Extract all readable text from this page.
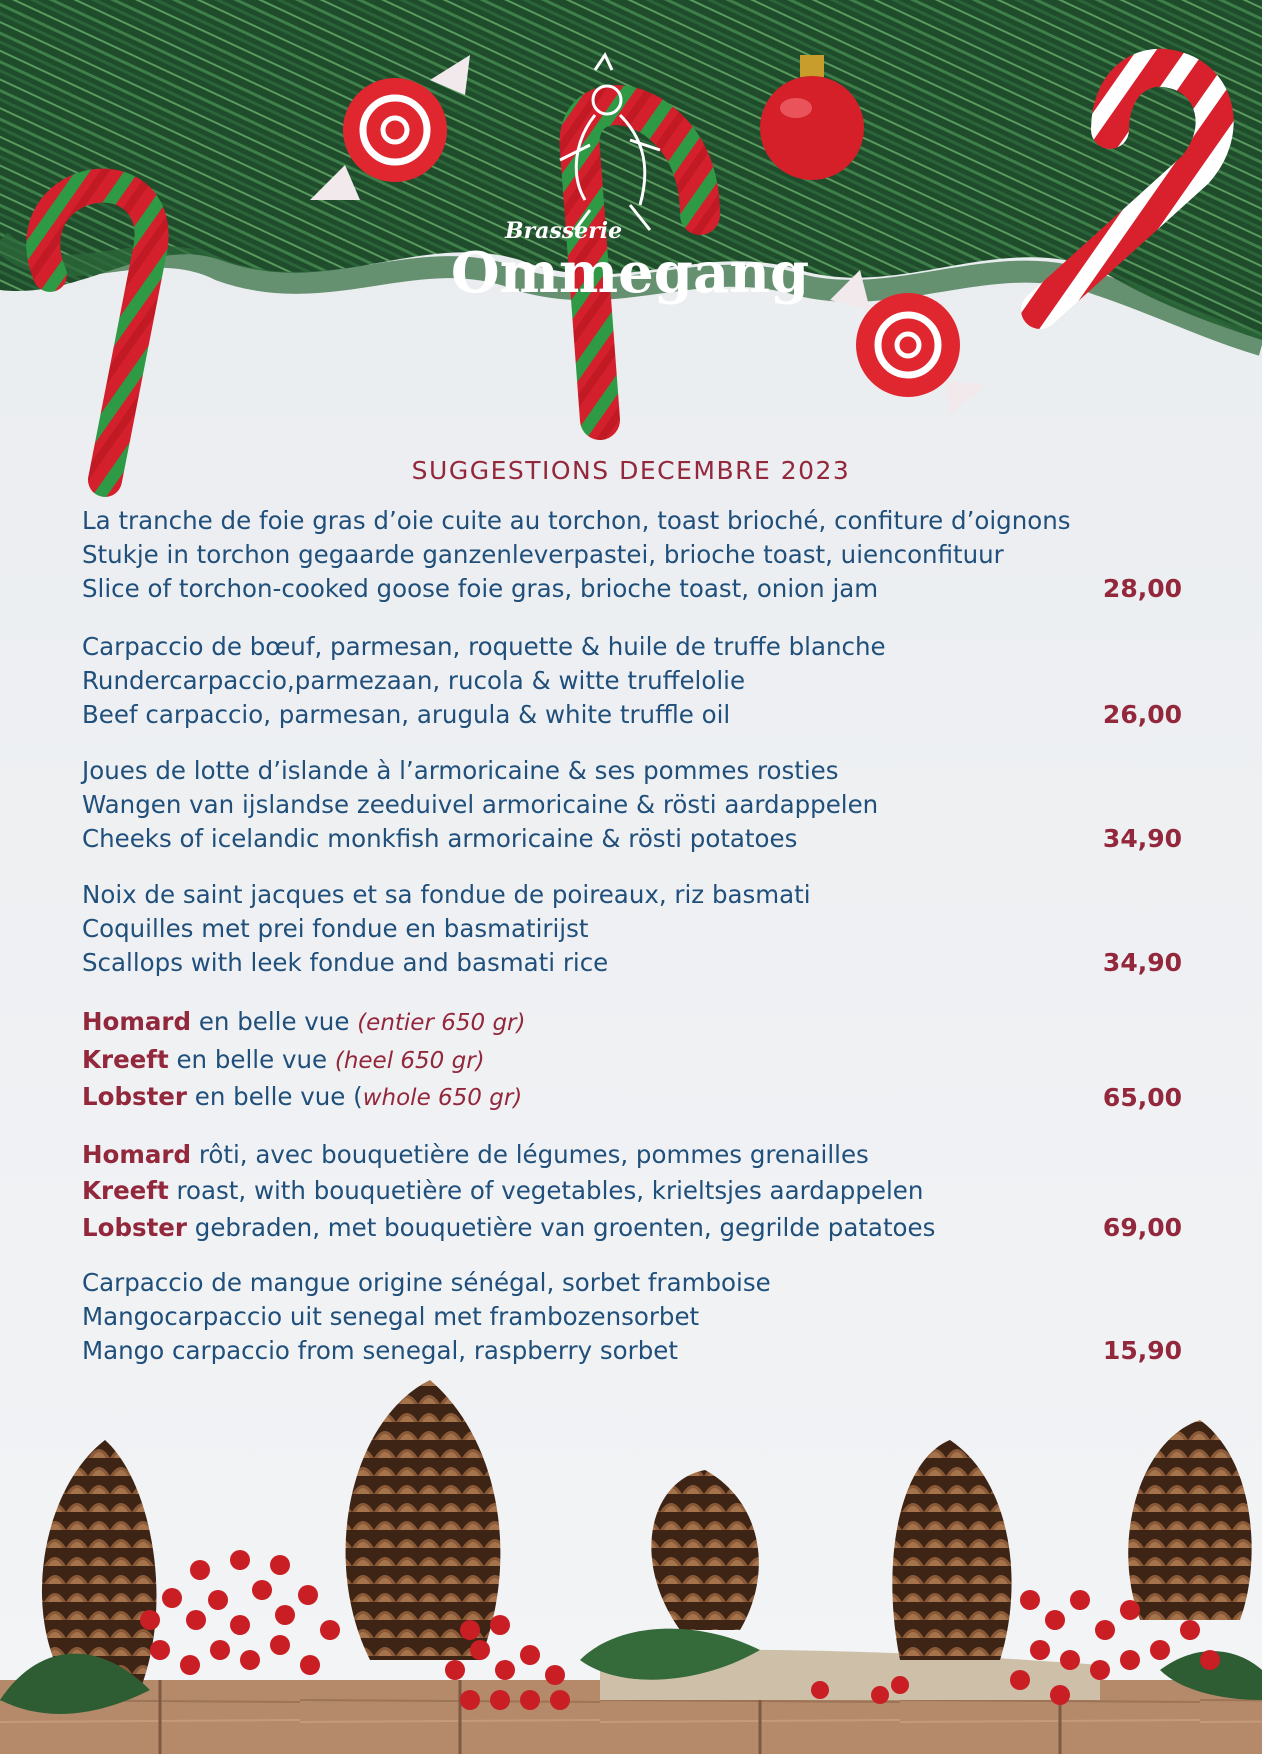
Brasserie
Ommegang
SUGGESTIONS DECEMBRE 2023
La tranche de foie gras d’oie cuite au torchon, toast brioché, confiture d’oignons
Stukje in torchon gegaarde ganzenleverpastei, brioche toast, uienconfituur
Slice of torchon-cooked goose foie gras, brioche toast, onion jam	28,00
Carpaccio de bœuf, parmesan, roquette & huile de truffe blanche
Rundercarpaccio,parmezaan, rucola & witte truffelolie
Beef carpaccio, parmesan, arugula & white truffle oil	26,00
Joues de lotte d’islande à l’armoricaine & ses pommes rosties
Wangen van ijslandse zeeduivel armoricaine & rösti aardappelen
Cheeks of icelandic monkfish armoricaine & rösti potatoes	34,90
Noix de saint jacques et sa fondue de poireaux, riz basmati
Coquilles met prei fondue en basmatirijst
Scallops with leek fondue and basmati rice	34,90
Homard en belle vue (entier 650 gr)
Kreeft en belle vue (heel 650 gr)
Lobster en belle vue (whole 650 gr)	65,00
Homard rôti, avec bouquetière de légumes, pommes grenailles
Kreeft roast, with bouquetière of vegetables, krieltsjes aardappelen
Lobster gebraden, met bouquetière van groenten, gegrilde patatoes	69,00
Carpaccio de mangue origine sénégal, sorbet framboise
Mangocarpaccio uit senegal met frambozensorbet
Mango carpaccio from senegal, raspberry sorbet	15,90
